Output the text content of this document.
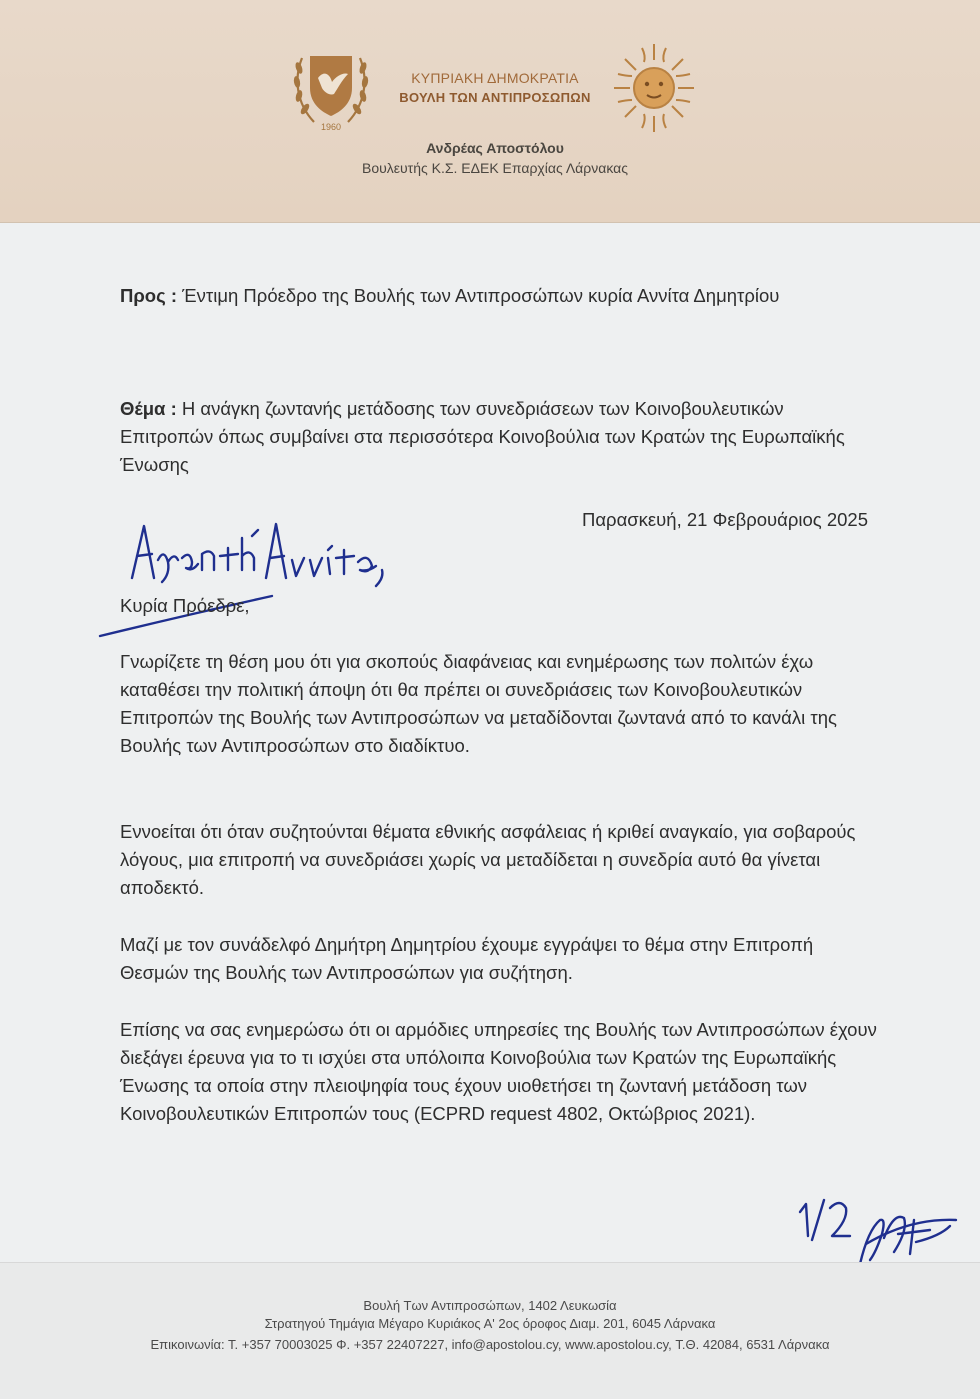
1960
ΚΥΠΡΙΑΚΗ ΔΗΜΟΚΡΑΤΙΑ
ΒΟΥΛΗ ΤΩΝ ΑΝΤΙΠΡΟΣΩΠΩΝ
Ανδρέας Αποστόλου
Βουλευτής Κ.Σ. ΕΔΕΚ Επαρχίας Λάρνακας
Προς : Έντιμη Πρόεδρο της Βουλής των Αντιπροσώπων κυρία Αννίτα Δημητρίου
Θέμα : Η ανάγκη ζωντανής μετάδοσης των συνεδριάσεων των Κοινοβουλευτικών Επιτροπών όπως συμβαίνει στα περισσότερα Κοινοβούλια των Κρατών της Ευρωπαϊκής Ένωσης
Παρασκευή, 21 Φεβρουάριος 2025
Κυρία Πρόεδρε,

Γνωρίζετε τη θέση μου ότι για σκοπούς διαφάνειας και ενημέρωσης των πολιτών έχω καταθέσει την πολιτική άποψη ότι θα πρέπει οι συνεδριάσεις των Κοινοβουλευτικών Επιτροπών της Βουλής των Αντιπροσώπων να μεταδίδονται ζωντανά από το κανάλι της Βουλής των Αντιπροσώπων στο διαδίκτυο.

Εννοείται ότι όταν συζητούνται θέματα εθνικής ασφάλειας ή κριθεί αναγκαίο, για σοβαρούς λόγους, μια επιτροπή να συνεδριάσει χωρίς να μεταδίδεται η συνεδρία αυτό θα γίνεται αποδεκτό.

Μαζί με τον συνάδελφό Δημήτρη Δημητρίου έχουμε εγγράψει το θέμα στην Επιτροπή Θεσμών της Βουλής των Αντιπροσώπων για συζήτηση.

Επίσης να σας ενημερώσω ότι οι αρμόδιες υπηρεσίες της Βουλής των Αντιπροσώπων έχουν διεξάγει έρευνα για το τι ισχύει στα υπόλοιπα Κοινοβούλια των Κρατών της Ευρωπαϊκής Ένωσης τα οποία στην πλειοψηφία τους έχουν υιοθετήσει τη ζωντανή μετάδοση των Κοινοβουλευτικών Επιτροπών τους (ECPRD request 4802, Οκτώβριος 2021).

Βουλή Των Αντιπροσώπων, 1402 Λευκωσία
Στρατηγού Τημάγια Μέγαρο Κυριάκος Α' 2ος όροφος Διαμ. 201, 6045 Λάρνακα
Επικοινωνία: Τ. +357 70003025 Φ. +357 22407227, info@apostolou.cy, www.apostolou.cy, Τ.Θ. 42084, 6531 Λάρνακα
